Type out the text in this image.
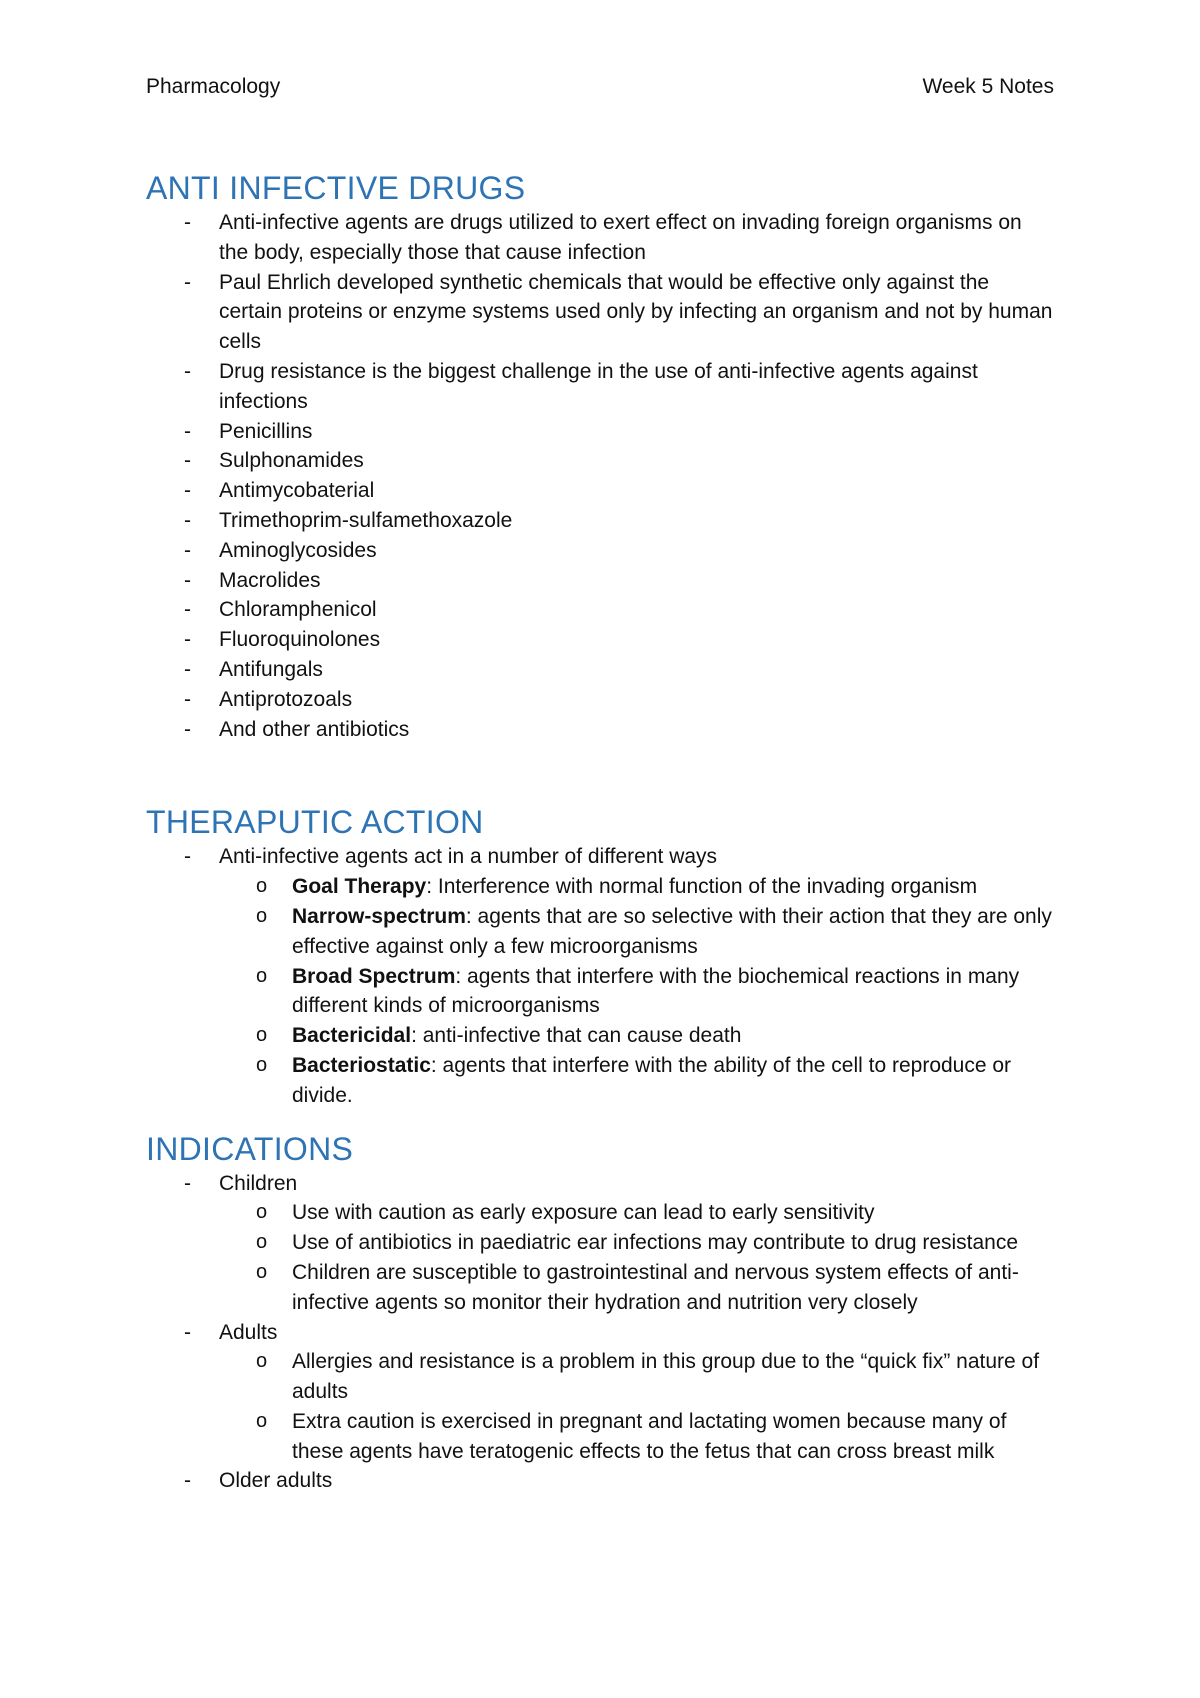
Pharmacology	Week 5 Notes
ANTI INFECTIVE DRUGS
- Anti-infective agents are drugs utilized to exert effect on invading foreign organisms on the body, especially those that cause infection
- Paul Ehrlich developed synthetic chemicals that would be effective only against the certain proteins or enzyme systems used only by infecting an organism and not by human cells
- Drug resistance is the biggest challenge in the use of anti-infective agents against infections
- Penicillins
- Sulphonamides
- Antimycobaterial
- Trimethoprim-sulfamethoxazole
- Aminoglycosides
- Macrolides
- Chloramphenicol
- Fluoroquinolones
- Antifungals
- Antiprotozoals
- And other antibiotics
THERAPUTIC ACTION
- Anti-infective agents act in a number of different ways
o Goal Therapy: Interference with normal function of the invading organism
o Narrow-spectrum: agents that are so selective with their action that they are only effective against only a few microorganisms
o Broad Spectrum: agents that interfere with the biochemical reactions in many different kinds of microorganisms
o Bactericidal: anti-infective that can cause death
o Bacteriostatic: agents that interfere with the ability of the cell to reproduce or divide.
INDICATIONS
- Children
o Use with caution as early exposure can lead to early sensitivity
o Use of antibiotics in paediatric ear infections may contribute to drug resistance
o Children are susceptible to gastrointestinal and nervous system effects of anti-infective agents so monitor their hydration and nutrition very closely
- Adults
o Allergies and resistance is a problem in this group due to the “quick fix” nature of adults
o Extra caution is exercised in pregnant and lactating women because many of these agents have teratogenic effects to the fetus that can cross breast milk
- Older adults
